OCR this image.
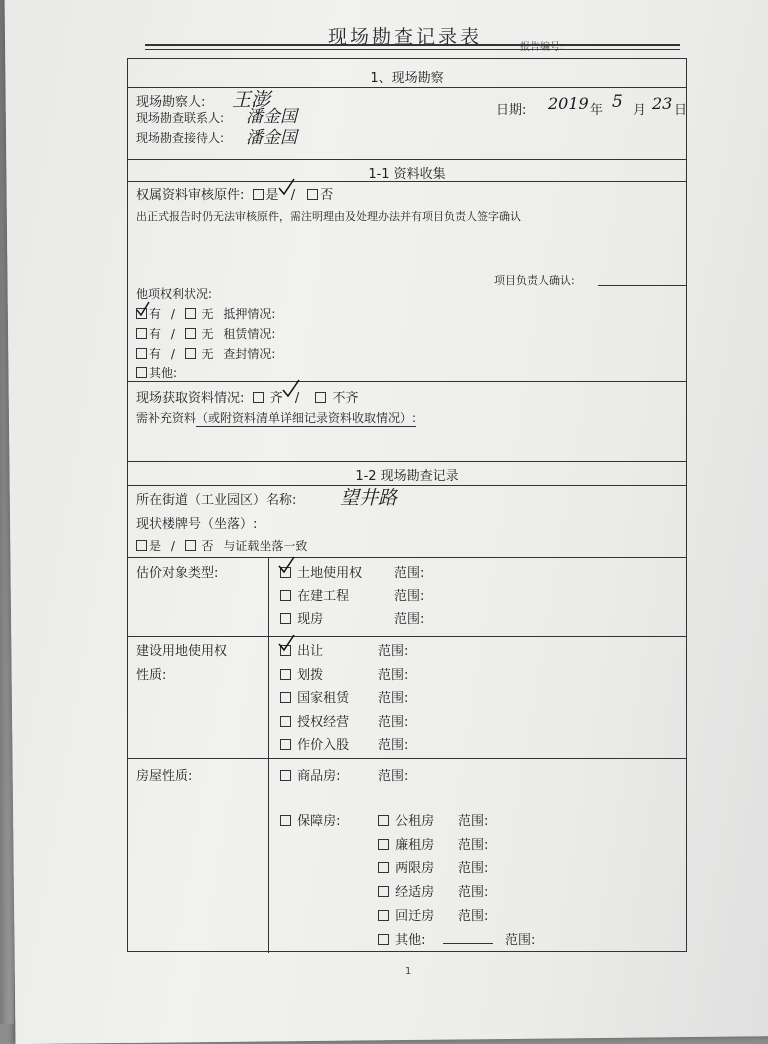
现场勘查记录表	报告编号:
1、现场勘察
现场勘察人: 王澎
现场勘查联系人: 潘金国
现场勘查接待人: 潘金国
日期: 2019 年 5 月 23 日
1-1 资料收集
权属资料审核原件: 是 / 否
出正式报告时仍无法审核原件，需注明理由及处理办法并有项目负责人签字确认
项目负责人确认:
他项权利状况:
有 / 无 抵押情况:
有 / 无 租赁情况:
有 / 无 查封情况:
其他:
现场获取资料情况: 齐 /	不齐
需补充资料（或附资料清单详细记录资料收取情况）:
1-2 现场勘查记录
所在街道（工业园区）名称: 望井路
现状楼牌号（坐落）:
是 / 否 与证载坐落一致
估价对象类型:	土地使用权 范围:
在建工程	范围:
现房	范围:
建设用地使用权
性质:
出让	范围:
划拨	范围:
国家租赁 范围:
授权经营 范围:
作价入股 范围:
房屋性质:	商品房:	范围:
保障房:	公租房 范围:
廉租房 范围:
两限房 范围:
经适房 范围:
回迁房 范围:
其他:	范围:
1
